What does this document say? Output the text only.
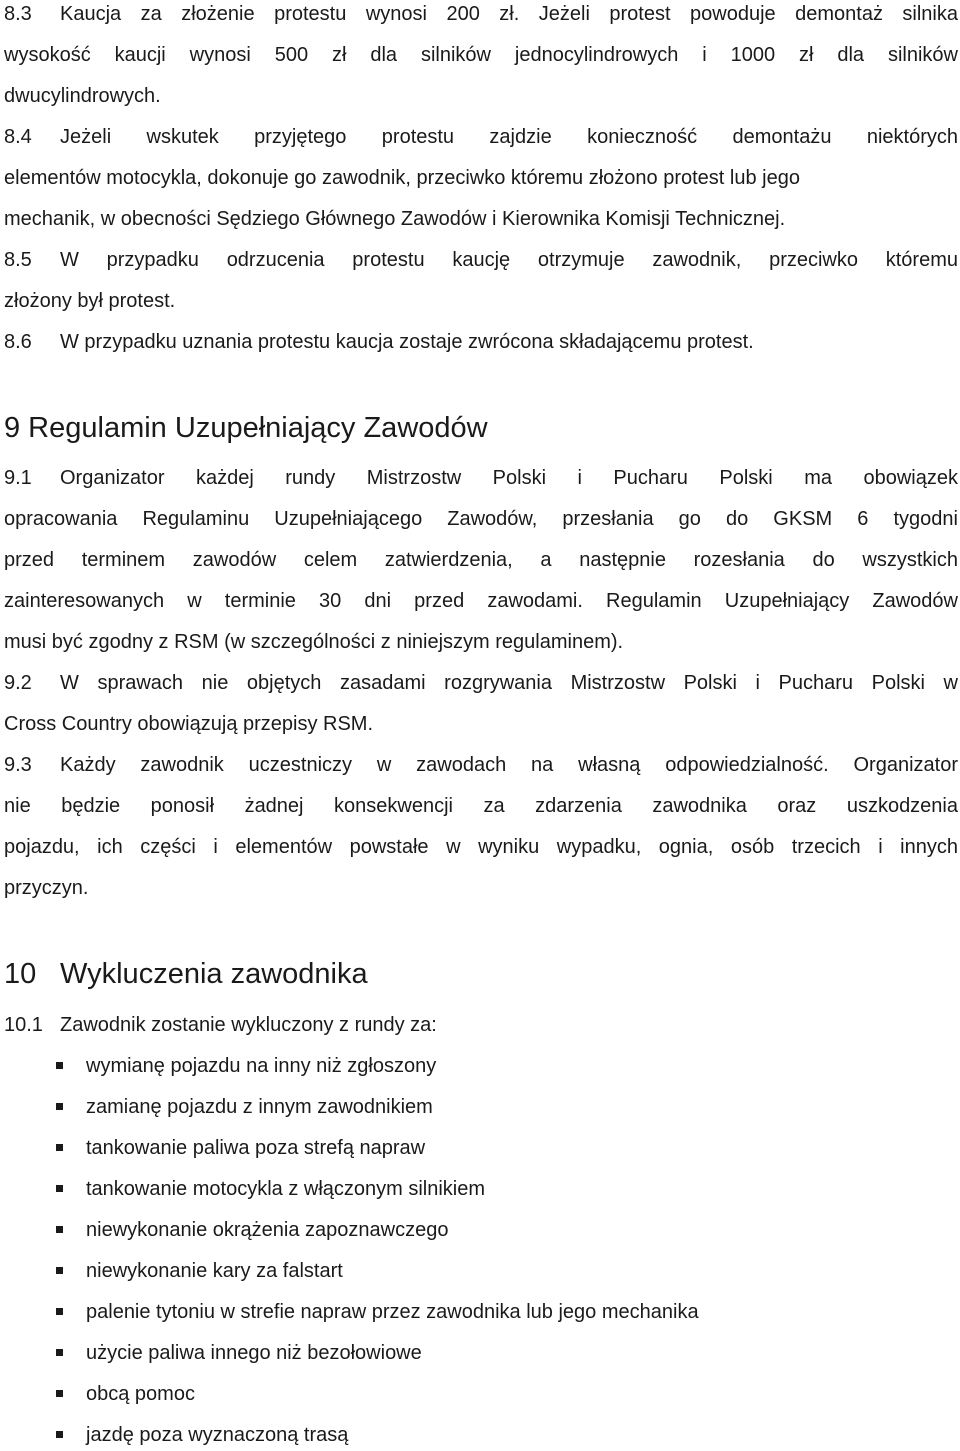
8.3 Kaucja za złożenie protestu wynosi 200 zł. Jeżeli protest powoduje demontaż silnika
wysokość kaucji wynosi 500 zł dla silników jednocylindrowych i 1000 zł dla silników
dwucylindrowych.
8.4 Jeżeli wskutek przyjętego protestu zajdzie konieczność demontażu niektórych
elementów motocykla, dokonuje go zawodnik, przeciwko któremu złożono protest lub jego
mechanik, w obecności Sędziego Głównego Zawodów i Kierownika Komisji Technicznej.
8.5 W przypadku odrzucenia protestu kaucję otrzymuje zawodnik, przeciwko któremu
złożony był protest.
8.6 W przypadku uznania protestu kaucja zostaje zwrócona składającemu protest.
9 Regulamin Uzupełniający Zawodów
9.1 Organizator każdej rundy Mistrzostw Polski i Pucharu Polski ma obowiązek
opracowania Regulaminu Uzupełniającego Zawodów, przesłania go do GKSM 6 tygodni
przed terminem zawodów celem zatwierdzenia, a następnie rozesłania do wszystkich
zainteresowanych w terminie 30 dni przed zawodami. Regulamin Uzupełniający Zawodów
musi być zgodny z RSM (w szczególności z niniejszym regulaminem).
9.2 W sprawach nie objętych zasadami rozgrywania Mistrzostw Polski i Pucharu Polski w
Cross Country obowiązują przepisy RSM.
9.3 Każdy zawodnik uczestniczy w zawodach na własną odpowiedzialność. Organizator
nie będzie ponosił żadnej konsekwencji za zdarzenia zawodnika oraz uszkodzenia
pojazdu, ich części i elementów powstałe w wyniku wypadku, ognia, osób trzecich i innych
przyczyn.
10 Wykluczenia zawodnika
10.1 Zawodnik zostanie wykluczony z rundy za:
wymianę pojazdu na inny niż zgłoszony
zamianę pojazdu z innym zawodnikiem
tankowanie paliwa poza strefą napraw
tankowanie motocykla z włączonym silnikiem
niewykonanie okrążenia zapoznawczego
niewykonanie kary za falstart
palenie tytoniu w strefie napraw przez zawodnika lub jego mechanika
użycie paliwa innego niż bezołowiowe
obcą pomoc
jazdę poza wyznaczoną trasą
